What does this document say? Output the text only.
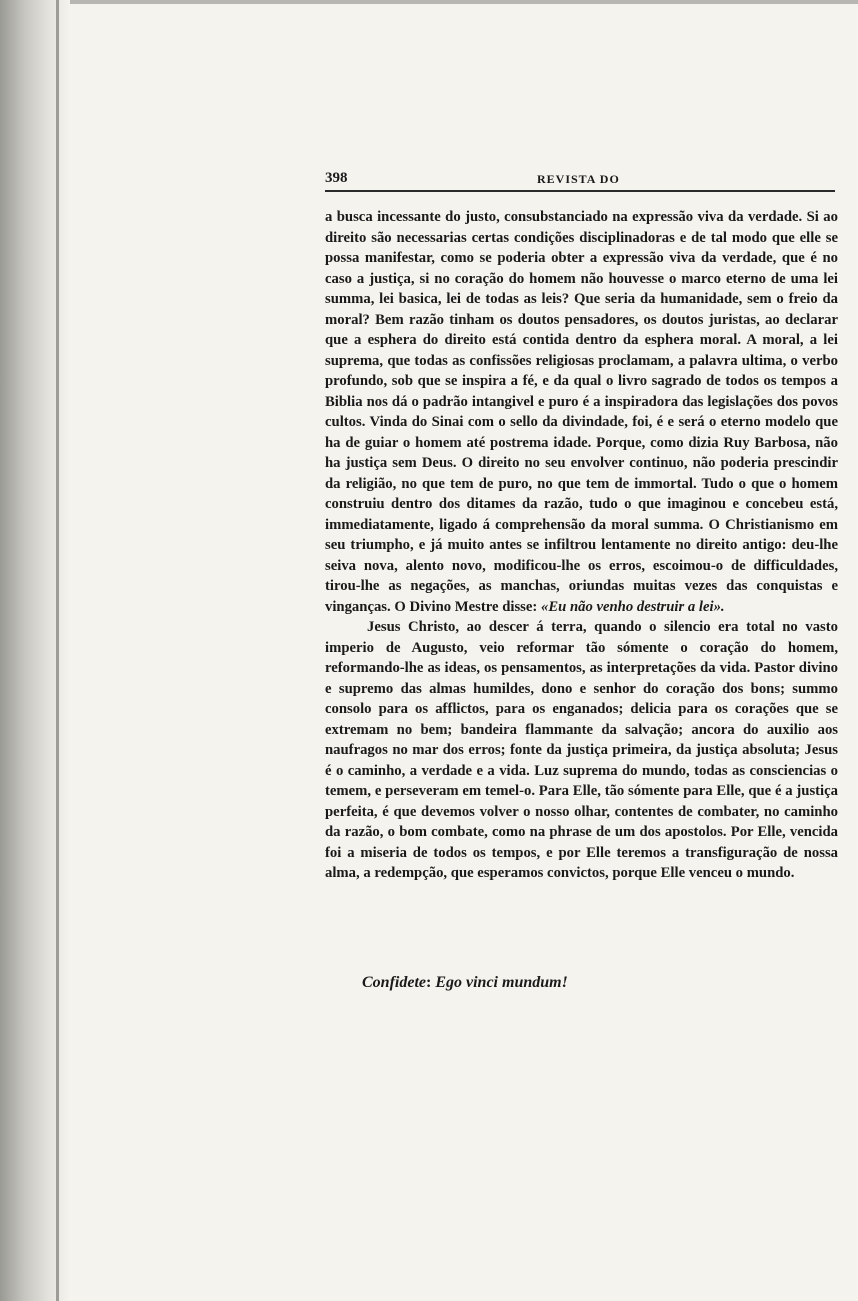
398	REVISTA DO

a busca incessante do justo, consubstanciado na expressão viva da verdade. Si ao direito são necessarias certas condições disciplinadoras e de tal modo que elle se possa manifestar, como se poderia obter a expressão viva da verdade, que é no caso a justiça, si no coração do homem não houvesse o marco eterno de uma lei summa, lei basica, lei de todas as leis? Que seria da humanidade, sem o freio da moral? Bem razão tinham os doutos pensadores, os doutos juristas, ao declarar que a esphera do direito está contida dentro da esphera moral. A moral, a lei suprema, que todas as confissões religiosas proclamam, a palavra ultima, o verbo profundo, sob que se inspira a fé, e da qual o livro sagrado de todos os tempos a Biblia nos dá o padrão intangivel e puro é a inspiradora das legislações dos povos cultos. Vinda do Sinai com o sello da divindade, foi, é e será o eterno modelo que ha de guiar o homem até postrema idade. Porque, como dizia Ruy Barbosa, não ha justiça sem Deus. O direito no seu envolver continuo, não poderia prescindir da religião, no que tem de puro, no que tem de immortal. Tudo o que o homem construiu dentro dos ditames da razão, tudo o que imaginou e concebeu está, immediatamente, ligado á comprehensão da moral summa. O Christianismo em seu triumpho, e já muito antes se infiltrou lentamente no direito antigo: deu-lhe seiva nova, alento novo, modificou-lhe os erros, escoimou-o de difficuldades, tirou-lhe as negações, as manchas, oriundas muitas vezes das conquistas e vinganças. O Divino Mestre disse: «Eu não venho destruir a lei».

Jesus Christo, ao descer á terra, quando o silencio era total no vasto imperio de Augusto, veio reformar tão sómente o coração do homem, reformando-lhe as ideas, os pensamentos, as interpretações da vida. Pastor divino e supremo das almas humildes, dono e senhor do coração dos bons; summo consolo para os afflictos, para os enganados; delicia para os corações que se extremam no bem; bandeira flammante da salvação; ancora do auxilio aos naufragos no mar dos erros; fonte da justiça primeira, da justiça absoluta; Jesus é o caminho, a verdade e a vida. Luz suprema do mundo, todas as consciencias o temem, e perseveram em temel-o. Para Elle, tão sómente para Elle, que é a justiça perfeita, é que devemos volver o nosso olhar, contentes de combater, no caminho da razão, o bom combate, como na phrase de um dos apostolos. Por Elle, vencida foi a miseria de todos os tempos, e por Elle teremos a transfiguração de nossa alma, a redempção, que esperamos convictos, porque Elle venceu o mundo.

Confidete: Ego vinci mundum!
